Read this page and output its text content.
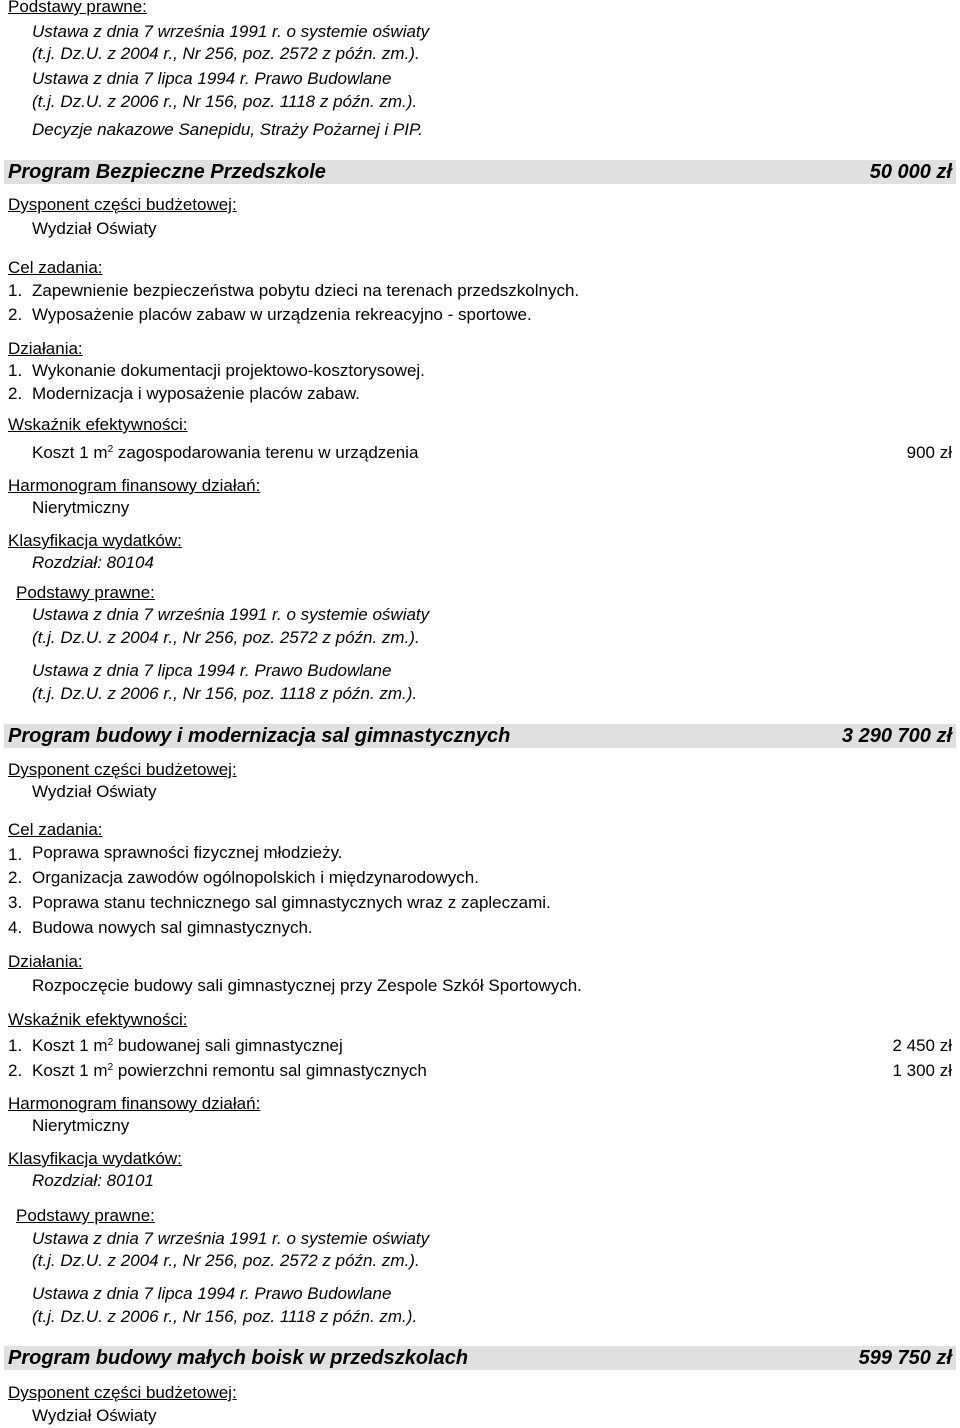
Podstawy prawne:
Ustawa z dnia 7 września 1991 r. o systemie oświaty
(t.j. Dz.U. z 2004 r., Nr 256, poz. 2572 z późn. zm.).
Ustawa z dnia 7 lipca 1994 r. Prawo Budowlane
(t.j. Dz.U. z 2006 r., Nr 156, poz. 1118 z późn. zm.).
Decyzje nakazowe Sanepidu, Straży Pożarnej i PIP.
Program Bezpieczne Przedszkole	50 000 zł
Dysponent części budżetowej:
Wydział Oświaty
Cel zadania:
1. Zapewnienie bezpieczeństwa pobytu dzieci na terenach przedszkolnych.
2. Wyposażenie placów zabaw w urządzenia rekreacyjno - sportowe.
Działania:
1. Wykonanie dokumentacji projektowo-kosztorysowej.
2. Modernizacja i wyposażenie placów zabaw.
Wskaźnik efektywności:
Koszt 1 $m^2$ zagospodarowania terenu w urządzenia	900 zł
Harmonogram finansowy działań:
Nierytmiczny
Klasyfikacja wydatków:
Rozdział: 80104
Podstawy prawne:
Ustawa z dnia 7 września 1991 r. o systemie oświaty
(t.j. Dz.U. z 2004 r., Nr 256, poz. 2572 z późn. zm.).
Ustawa z dnia 7 lipca 1994 r. Prawo Budowlane
(t.j. Dz.U. z 2006 r., Nr 156, poz. 1118 z późn. zm.).
Program budowy i modernizacja sal gimnastycznych	3 290 700 zł
Dysponent części budżetowej:
Wydział Oświaty
Cel zadania:
1. Poprawa sprawności fizycznej młodzieży.
2. Organizacja zawodów ogólnopolskich i międzynarodowych.
3. Poprawa stanu technicznego sal gimnastycznych wraz z zapleczami.
4. Budowa nowych sal gimnastycznych.
Działania:
Rozpoczęcie budowy sali gimnastycznej przy Zespole Szkół Sportowych.
Wskaźnik efektywności:
1. Koszt 1 $m^2$ budowanej sali gimnastycznej	2 450 zł
2. Koszt 1 $m^2$ powierzchni remontu sal gimnastycznych	1 300 zł
Harmonogram finansowy działań:
Nierytmiczny
Klasyfikacja wydatków:
Rozdział: 80101
Podstawy prawne:
Ustawa z dnia 7 września 1991 r. o systemie oświaty
(t.j. Dz.U. z 2004 r., Nr 256, poz. 2572 z późn. zm.).
Ustawa z dnia 7 lipca 1994 r. Prawo Budowlane
(t.j. Dz.U. z 2006 r., Nr 156, poz. 1118 z późn. zm.).
Program budowy małych boisk w przedszkolach	599 750 zł
Dysponent części budżetowej:
Wydział Oświaty
